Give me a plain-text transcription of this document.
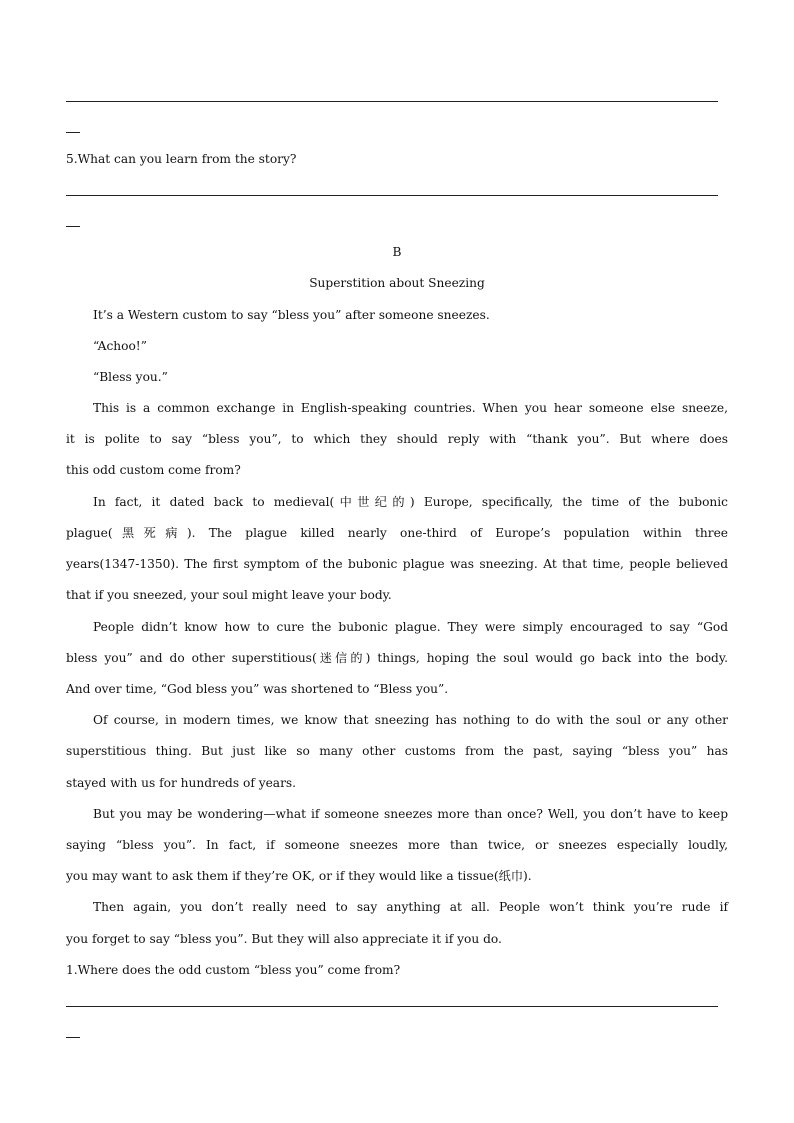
5.What can you learn from the story?
B
Superstition about Sneezing
It’s a Western custom to say “bless you” after someone sneezes.
“Achoo!”
“Bless you.”
This is a common exchange in English-speaking countries. When you hear someone else sneeze,
it is polite to say “bless you”, to which they should reply with “thank you”. But where does
this odd custom come from?
In fact, it dated back to medieval(中世纪的) Europe, specifically, the time of the bubonic
plague(黑死病). The plague killed nearly one-third of Europe’s population within three
years(1347-1350). The first symptom of the bubonic plague was sneezing. At that time, people believed
that if you sneezed, your soul might leave your body.
People didn’t know how to cure the bubonic plague. They were simply encouraged to say “God
bless you” and do other superstitious(迷信的) things, hoping the soul would go back into the body.
And over time, “God bless you” was shortened to “Bless you”.
Of course, in modern times, we know that sneezing has nothing to do with the soul or any other
superstitious thing. But just like so many other customs from the past, saying “bless you” has
stayed with us for hundreds of years.
But you may be wondering—what if someone sneezes more than once? Well, you don’t have to keep
saying “bless you”. In fact, if someone sneezes more than twice, or sneezes especially loudly,
you may want to ask them if they’re OK, or if they would like a tissue(纸巾).
Then again, you don’t really need to say anything at all. People won’t think you’re rude if
you forget to say “bless you”. But they will also appreciate it if you do.
1.Where does the odd custom “bless you” come from?
